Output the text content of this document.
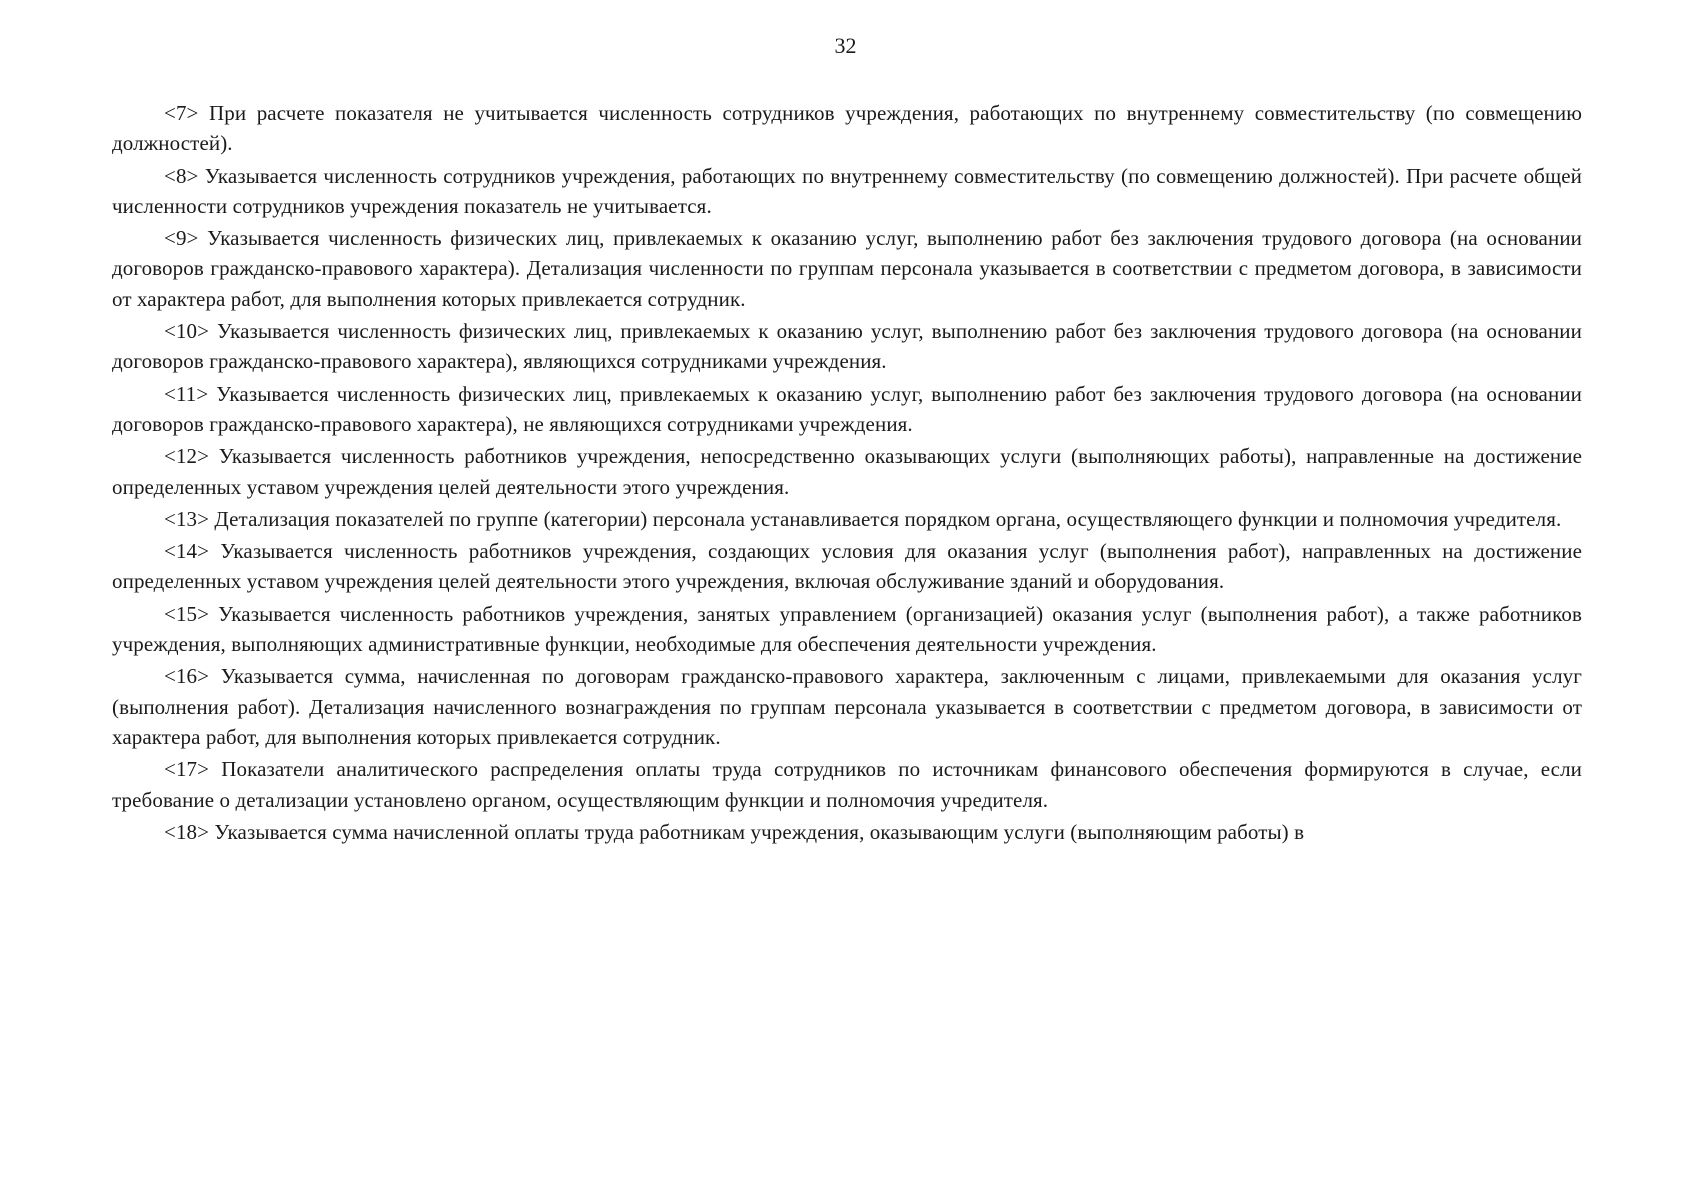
32

<7> При расчете показателя не учитывается численность сотрудников учреждения, работающих по внутреннему совместительству (по совмещению должностей).

<8> Указывается численность сотрудников учреждения, работающих по внутреннему совместительству (по совмещению должностей). При расчете общей численности сотрудников учреждения показатель не учитывается.

<9> Указывается численность физических лиц, привлекаемых к оказанию услуг, выполнению работ без заключения трудового договора (на основании договоров гражданско-правового характера). Детализация численности по группам персонала указывается в соответствии с предметом договора, в зависимости от характера работ, для выполнения которых привлекается сотрудник.

<10> Указывается численность физических лиц, привлекаемых к оказанию услуг, выполнению работ без заключения трудового договора (на основании договоров гражданско-правового характера), являющихся сотрудниками учреждения.

<11> Указывается численность физических лиц, привлекаемых к оказанию услуг, выполнению работ без заключения трудового договора (на основании договоров гражданско-правового характера), не являющихся сотрудниками учреждения.

<12> Указывается численность работников учреждения, непосредственно оказывающих услуги (выполняющих работы), направленные на достижение определенных уставом учреждения целей деятельности этого учреждения.

<13> Детализация показателей по группе (категории) персонала устанавливается порядком органа, осуществляющего функции и полномочия учредителя.

<14> Указывается численность работников учреждения, создающих условия для оказания услуг (выполнения работ), направленных на достижение определенных уставом учреждения целей деятельности этого учреждения, включая обслуживание зданий и оборудования.

<15> Указывается численность работников учреждения, занятых управлением (организацией) оказания услуг (выполнения работ), а также работников учреждения, выполняющих административные функции, необходимые для обеспечения деятельности учреждения.

<16> Указывается сумма, начисленная по договорам гражданско-правового характера, заключенным с лицами, привлекаемыми для оказания услуг (выполнения работ). Детализация начисленного вознаграждения по группам персонала указывается в соответствии с предметом договора, в зависимости от характера работ, для выполнения которых привлекается сотрудник.

<17> Показатели аналитического распределения оплаты труда сотрудников по источникам финансового обеспечения формируются в случае, если требование о детализации установлено органом, осуществляющим функции и полномочия учредителя.

<18> Указывается сумма начисленной оплаты труда работникам учреждения, оказывающим услуги (выполняющим работы) в
